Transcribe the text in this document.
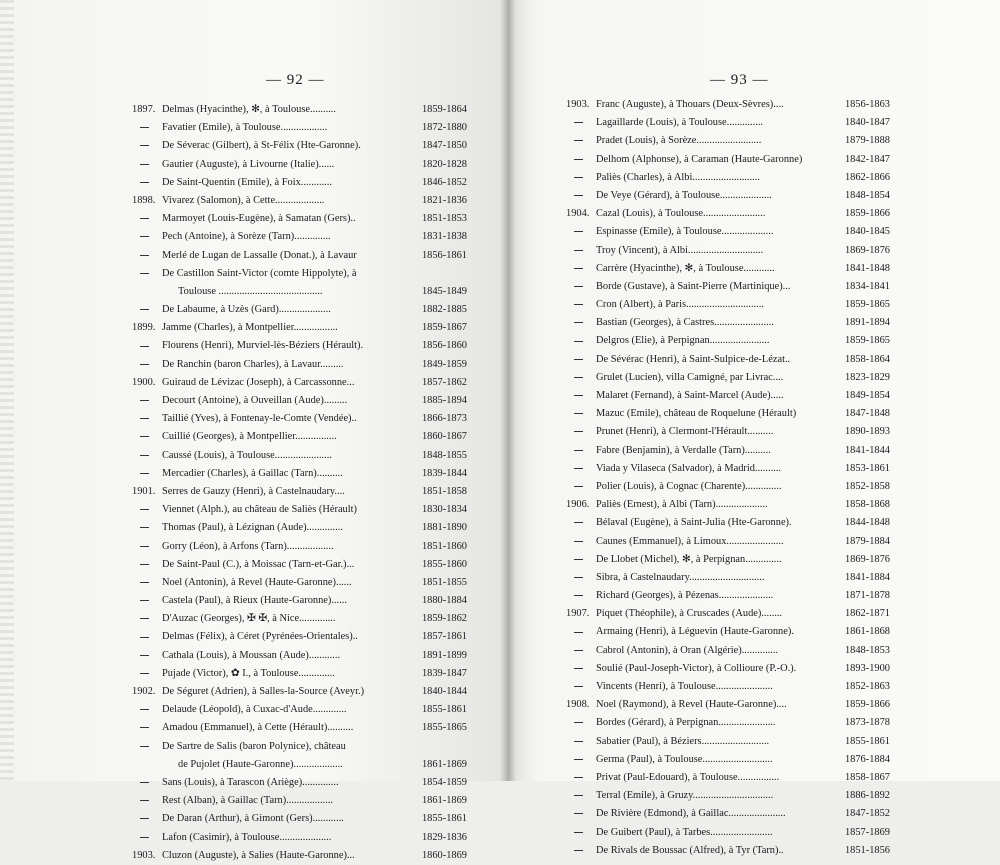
— 92 —
1897. Delmas (Hyacinthe), ✻, à Toulouse..........	1859-1864
Favatier (Emile), à Toulouse..................	1872-1880
De Séverac (Gilbert), à St-Félix (Hte-Garonne).	1847-1850
Gautier (Auguste), à Livourne (Italie)......	1820-1828
De Saint-Quentin (Emile), à Foix............	1846-1852
1898. Vivarez (Salomon), à Cette...................	1821-1836
Marmoyet (Louis-Eugène), à Samatan (Gers)..	1851-1853
Pech (Antoine), à Sorèze (Tarn)..............	1831-1838
Merlé de Lugan de Lassalle (Donat.), à Lavaur	1856-1861
De Castillon Saint-Victor (comte Hippolyte), à
Toulouse ........................................	1845-1849
De Labaume, à Uzès (Gard)....................	1882-1885
1899. Jamme (Charles), à Montpellier.................	1859-1867
Flourens (Henri), Murviel-lès-Béziers (Hérault).	1856-1860
De Ranchin (baron Charles), à Lavaur.........	1849-1859
1900. Guiraud de Lévizac (Joseph), à Carcassonne...	1857-1862
Decourt (Antoine), à Ouveillan (Aude).........	1885-1894
Taillié (Yves), à Fontenay-le-Comte (Vendée)..	1866-1873
Cuillié (Georges), à Montpellier................	1860-1867
Caussé (Louis), à Toulouse......................	1848-1855
Mercadier (Charles), à Gaillac (Tarn)..........	1839-1844
1901. Serres de Gauzy (Henri), à Castelnaudary....	1851-1858
Viennet (Alph.), au château de Saliès (Hérault)	1830-1834
Thomas (Paul), à Lézignan (Aude)..............	1881-1890
Gorry (Léon), à Arfons (Tarn)..................	1851-1860
De Saint-Paul (C.), à Moissac (Tarn-et-Gar.)...	1855-1860
Noel (Antonin), à Revel (Haute-Garonne)......	1851-1855
Castela (Paul), à Rieux (Haute-Garonne)......	1880-1884
D'Auzac (Georges), ✠ ✠, à Nice..............	1859-1862
Delmas (Félix), à Céret (Pyrénées-Orientales)..	1857-1861
Cathala (Louis), à Moussan (Aude)............	1891-1899
Pujade (Victor), ✿ I., à Toulouse..............	1839-1847
1902. De Séguret (Adrien), à Salles-la-Source (Aveyr.)	1840-1844
Delaude (Léopold), à Cuxac-d'Aude.............	1855-1861
Amadou (Emmanuel), à Cette (Hérault)..........	1855-1865
De Sartre de Salis (baron Polynice), château
de Pujolet (Haute-Garonne)...................	1861-1869
Sans (Louis), à Tarascon (Ariège)..............	1854-1859
Rest (Alban), à Gaillac (Tarn)..................	1861-1869
De Daran (Arthur), à Gimont (Gers)............	1855-1861
Lafon (Casimir), à Toulouse....................	1829-1836
1903. Cluzon (Auguste), à Salies (Haute-Garonne)...	1860-1869
— 93 —
1903. Franc (Auguste), à Thouars (Deux-Sèvres)....	1856-1863
Lagaillarde (Louis), à Toulouse..............	1840-1847
Pradet (Louis), à Sorèze.........................	1879-1888
Delhom (Alphonse), à Caraman (Haute-Garonne)	1842-1847
Paliès (Charles), à Albi..........................	1862-1866
De Veye (Gérard), à Toulouse....................	1848-1854
1904. Cazal (Louis), à Toulouse........................	1859-1866
Espinasse (Emile), à Toulouse....................	1840-1845
Troy (Vincent), à Albi.............................	1869-1876
Carrère (Hyacinthe), ✻, à Toulouse............	1841-1848
Borde (Gustave), à Saint-Pierre (Martinique)...	1834-1841
Cron (Albert), à Paris..............................	1859-1865
Bastian (Georges), à Castres.......................	1891-1894
Delgros (Elie), à Perpignan.......................	1859-1865
De Sévérac (Henri), à Saint-Sulpice-de-Lézat..	1858-1864
Grulet (Lucien), villa Camigné, par Livrac....	1823-1829
Malaret (Fernand), à Saint-Marcel (Aude).....	1849-1854
Mazuc (Emile), château de Roquelune (Hérault)	1847-1848
Prunet (Henri), à Clermont-l'Hérault..........	1890-1893
Fabre (Benjamin), à Verdalle (Tarn)..........	1841-1844
Viada y Vilaseca (Salvador), à Madrid..........	1853-1861
Polier (Louis), à Cognac (Charente)..............	1852-1858
1906. Paliès (Ernest), à Albi (Tarn)....................	1858-1868
Bélaval (Eugène), à Saint-Julia (Hte-Garonne).	1844-1848
Caunes (Emmanuel), à Limoux......................	1879-1884
De Llobet (Michel), ✻, à Perpignan..............	1869-1876
Sibra, à Castelnaudary.............................	1841-1884
Richard (Georges), à Pézenas.....................	1871-1878
1907. Piquet (Théophile), à Cruscades (Aude)........	1862-1871
Armaing (Henri), à Léguevin (Haute-Garonne).	1861-1868
Cabrol (Antonin), à Oran (Algérie)..............	1848-1853
Soulié (Paul-Joseph-Victor), à Collioure (P.-O.).	1893-1900
Vincents (Henri), à Toulouse......................	1852-1863
1908. Noel (Raymond), à Revel (Haute-Garonne)....	1859-1866
Bordes (Gérard), à Perpignan......................	1873-1878
Sabatier (Paul), à Béziers..........................	1855-1861
Germa (Paul), à Toulouse...........................	1876-1884
Privat (Paul-Edouard), à Toulouse................	1858-1867
Terral (Emile), à Gruzy...............................	1886-1892
De Rivière (Edmond), à Gaillac......................	1847-1852
De Guibert (Paul), à Tarbes........................	1857-1869
De Rivals de Boussac (Alfred), à Tyr (Tarn)..	1851-1856
